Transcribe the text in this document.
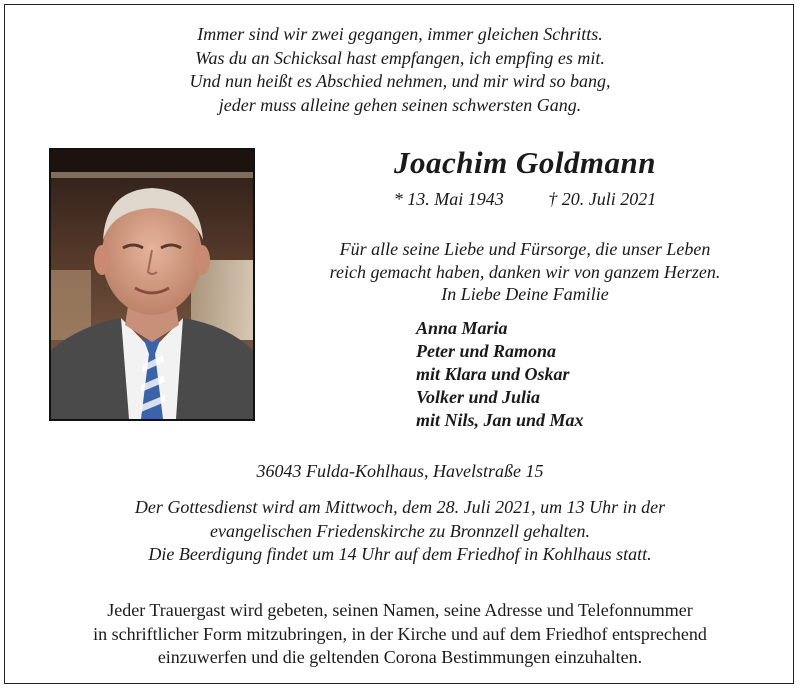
Immer sind wir zwei gegangen, immer gleichen Schritts.
Was du an Schicksal hast empfangen, ich empfing es mit.
Und nun heißt es Abschied nehmen, und mir wird so bang,
jeder muss alleine gehen seinen schwersten Gang.
Joachim Goldmann
* 13. Mai 1943 † 20. Juli 2021
Für alle seine Liebe und Fürsorge, die unser Leben
reich gemacht haben, danken wir von ganzem Herzen.
In Liebe Deine Familie
Anna Maria
Peter und Ramona
mit Klara und Oskar
Volker und Julia
mit Nils, Jan und Max
36043 Fulda-Kohlhaus, Havelstraße 15
Der Gottesdienst wird am Mittwoch, dem 28. Juli 2021, um 13 Uhr in der
evangelischen Friedenskirche zu Bronnzell gehalten.
Die Beerdigung findet um 14 Uhr auf dem Friedhof in Kohlhaus statt.
Jeder Trauergast wird gebeten, seinen Namen, seine Adresse und Telefonnummer
in schriftlicher Form mitzubringen, in der Kirche und auf dem Friedhof entsprechend
einzuwerfen und die geltenden Corona Bestimmungen einzuhalten.
